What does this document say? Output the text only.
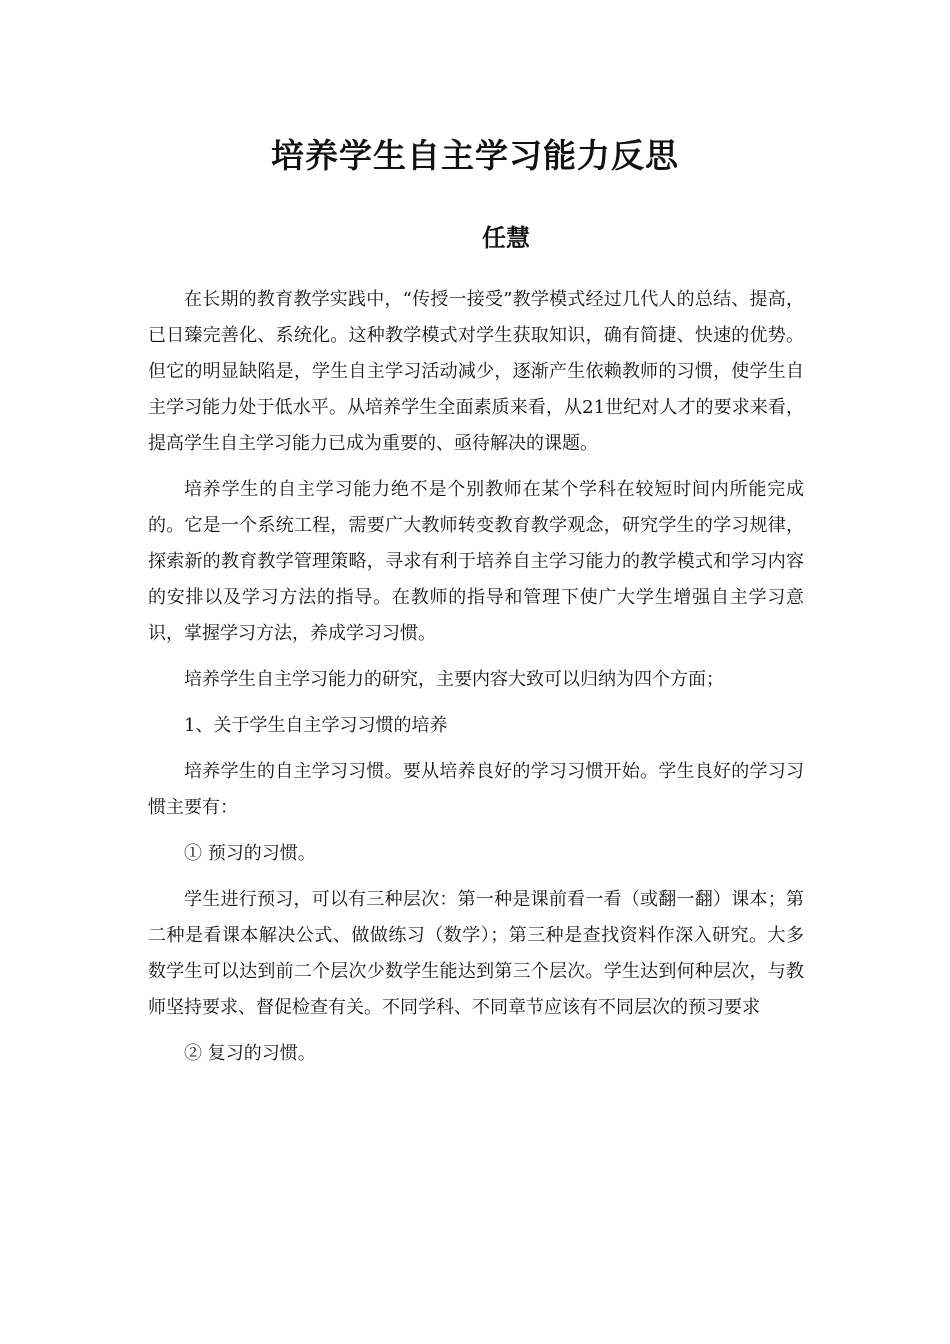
培养学生自主学习能力反思
任慧

在长期的教育教学实践中，“传授一接受”教学模式经过几代人的总结、提高，已日臻完善化、系统化。这种教学模式对学生获取知识，确有简捷、快速的优势。但它的明显缺陷是，学生自主学习活动减少，逐渐产生依赖教师的习惯，使学生自主学习能力处于低水平。从培养学生全面素质来看，从21世纪对人才的要求来看，提高学生自主学习能力已成为重要的、亟待解决的课题。

培养学生的自主学习能力绝不是个别教师在某个学科在较短时间内所能完成的。它是一个系统工程，需要广大教师转变教育教学观念，研究学生的学习规律，探索新的教育教学管理策略，寻求有利于培养自主学习能力的教学模式和学习内容的安排以及学习方法的指导。在教师的指导和管理下使广大学生增强自主学习意识，掌握学习方法，养成学习习惯。

培养学生自主学习能力的研究，主要内容大致可以归纳为四个方面；

1、关于学生自主学习习惯的培养

培养学生的自主学习习惯。要从培养良好的学习习惯开始。学生良好的学习习惯主要有：

① 预习的习惯。

学生进行预习，可以有三种层次：第一种是课前看一看（或翻一翻）课本；第二种是看课本解决公式、做做练习（数学）；第三种是查找资料作深入研究。大多数学生可以达到前二个层次少数学生能达到第三个层次。学生达到何种层次，与教师坚持要求、督促检查有关。不同学科、不同章节应该有不同层次的预习要求

② 复习的习惯。
